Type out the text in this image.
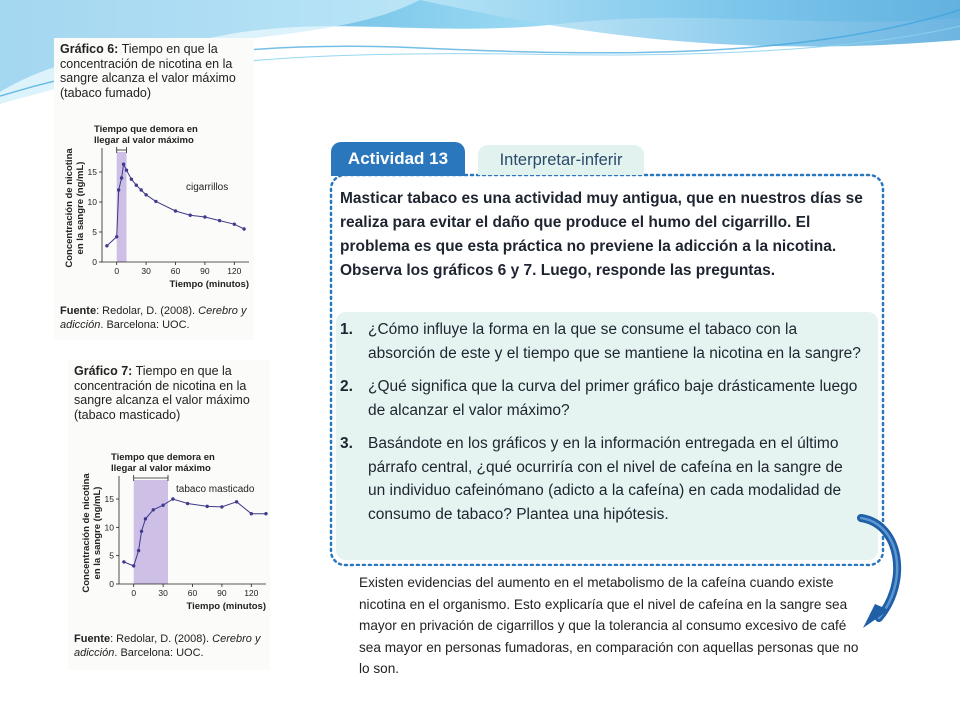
Gráfico 6: Tiempo en que la concentración de nicotina en la sangre alcanza el valor máximo (tabaco fumado)
Tiempo que demora en
llegar al valor máximo
0
5
10
15
0	30 60 90 120
Tiempo (minutos)
Concentración de nicotinaen la sangre (ng/mL)	cigarrillos
Fuente: Redolar, D. (2008). Cerebro y adicción. Barcelona: UOC.
Gráfico 7: Tiempo en que la concentración de nicotina en la sangre alcanza el valor máximo (tabaco masticado)
Tiempo que demora en
llegar al valor máximo
0
5
10
15
0	30 60 90 120
Tiempo (minutos)
Concentración de nicotinaen la sangre (ng/mL)	tabaco masticado
Fuente: Redolar, D. (2008). Cerebro y adicción. Barcelona: UOC.
Actividad 13	Interpretar-inferir
Masticar tabaco es una actividad muy antigua, que en nuestros días se realiza para evitar el daño que produce el humo del cigarrillo. El problema es que esta práctica no previene la adicción a la nicotina. Observa los gráficos 6 y 7. Luego, responde las preguntas.
1. ¿Cómo influye la forma en la que se consume el tabaco con la absorción de este y el tiempo que se mantiene la nicotina en la sangre?
2. ¿Qué significa que la curva del primer gráfico baje drásticamente luego de alcanzar el valor máximo?
3. Basándote en los gráficos y en la información entregada en el último párrafo central, ¿qué ocurriría con el nivel de cafeína en la sangre de un individuo cafeinómano (adicto a la cafeína) en cada modalidad de consumo de tabaco? Plantea una hipótesis.

Existen evidencias del aumento en el metabolismo de la cafeína cuando existe nicotina en el organismo. Esto explicaría que el nivel de cafeína en la sangre sea mayor en privación de cigarrillos y que la tolerancia al consumo excesivo de café sea mayor en personas fumadoras, en comparación con aquellas personas que no lo son.
